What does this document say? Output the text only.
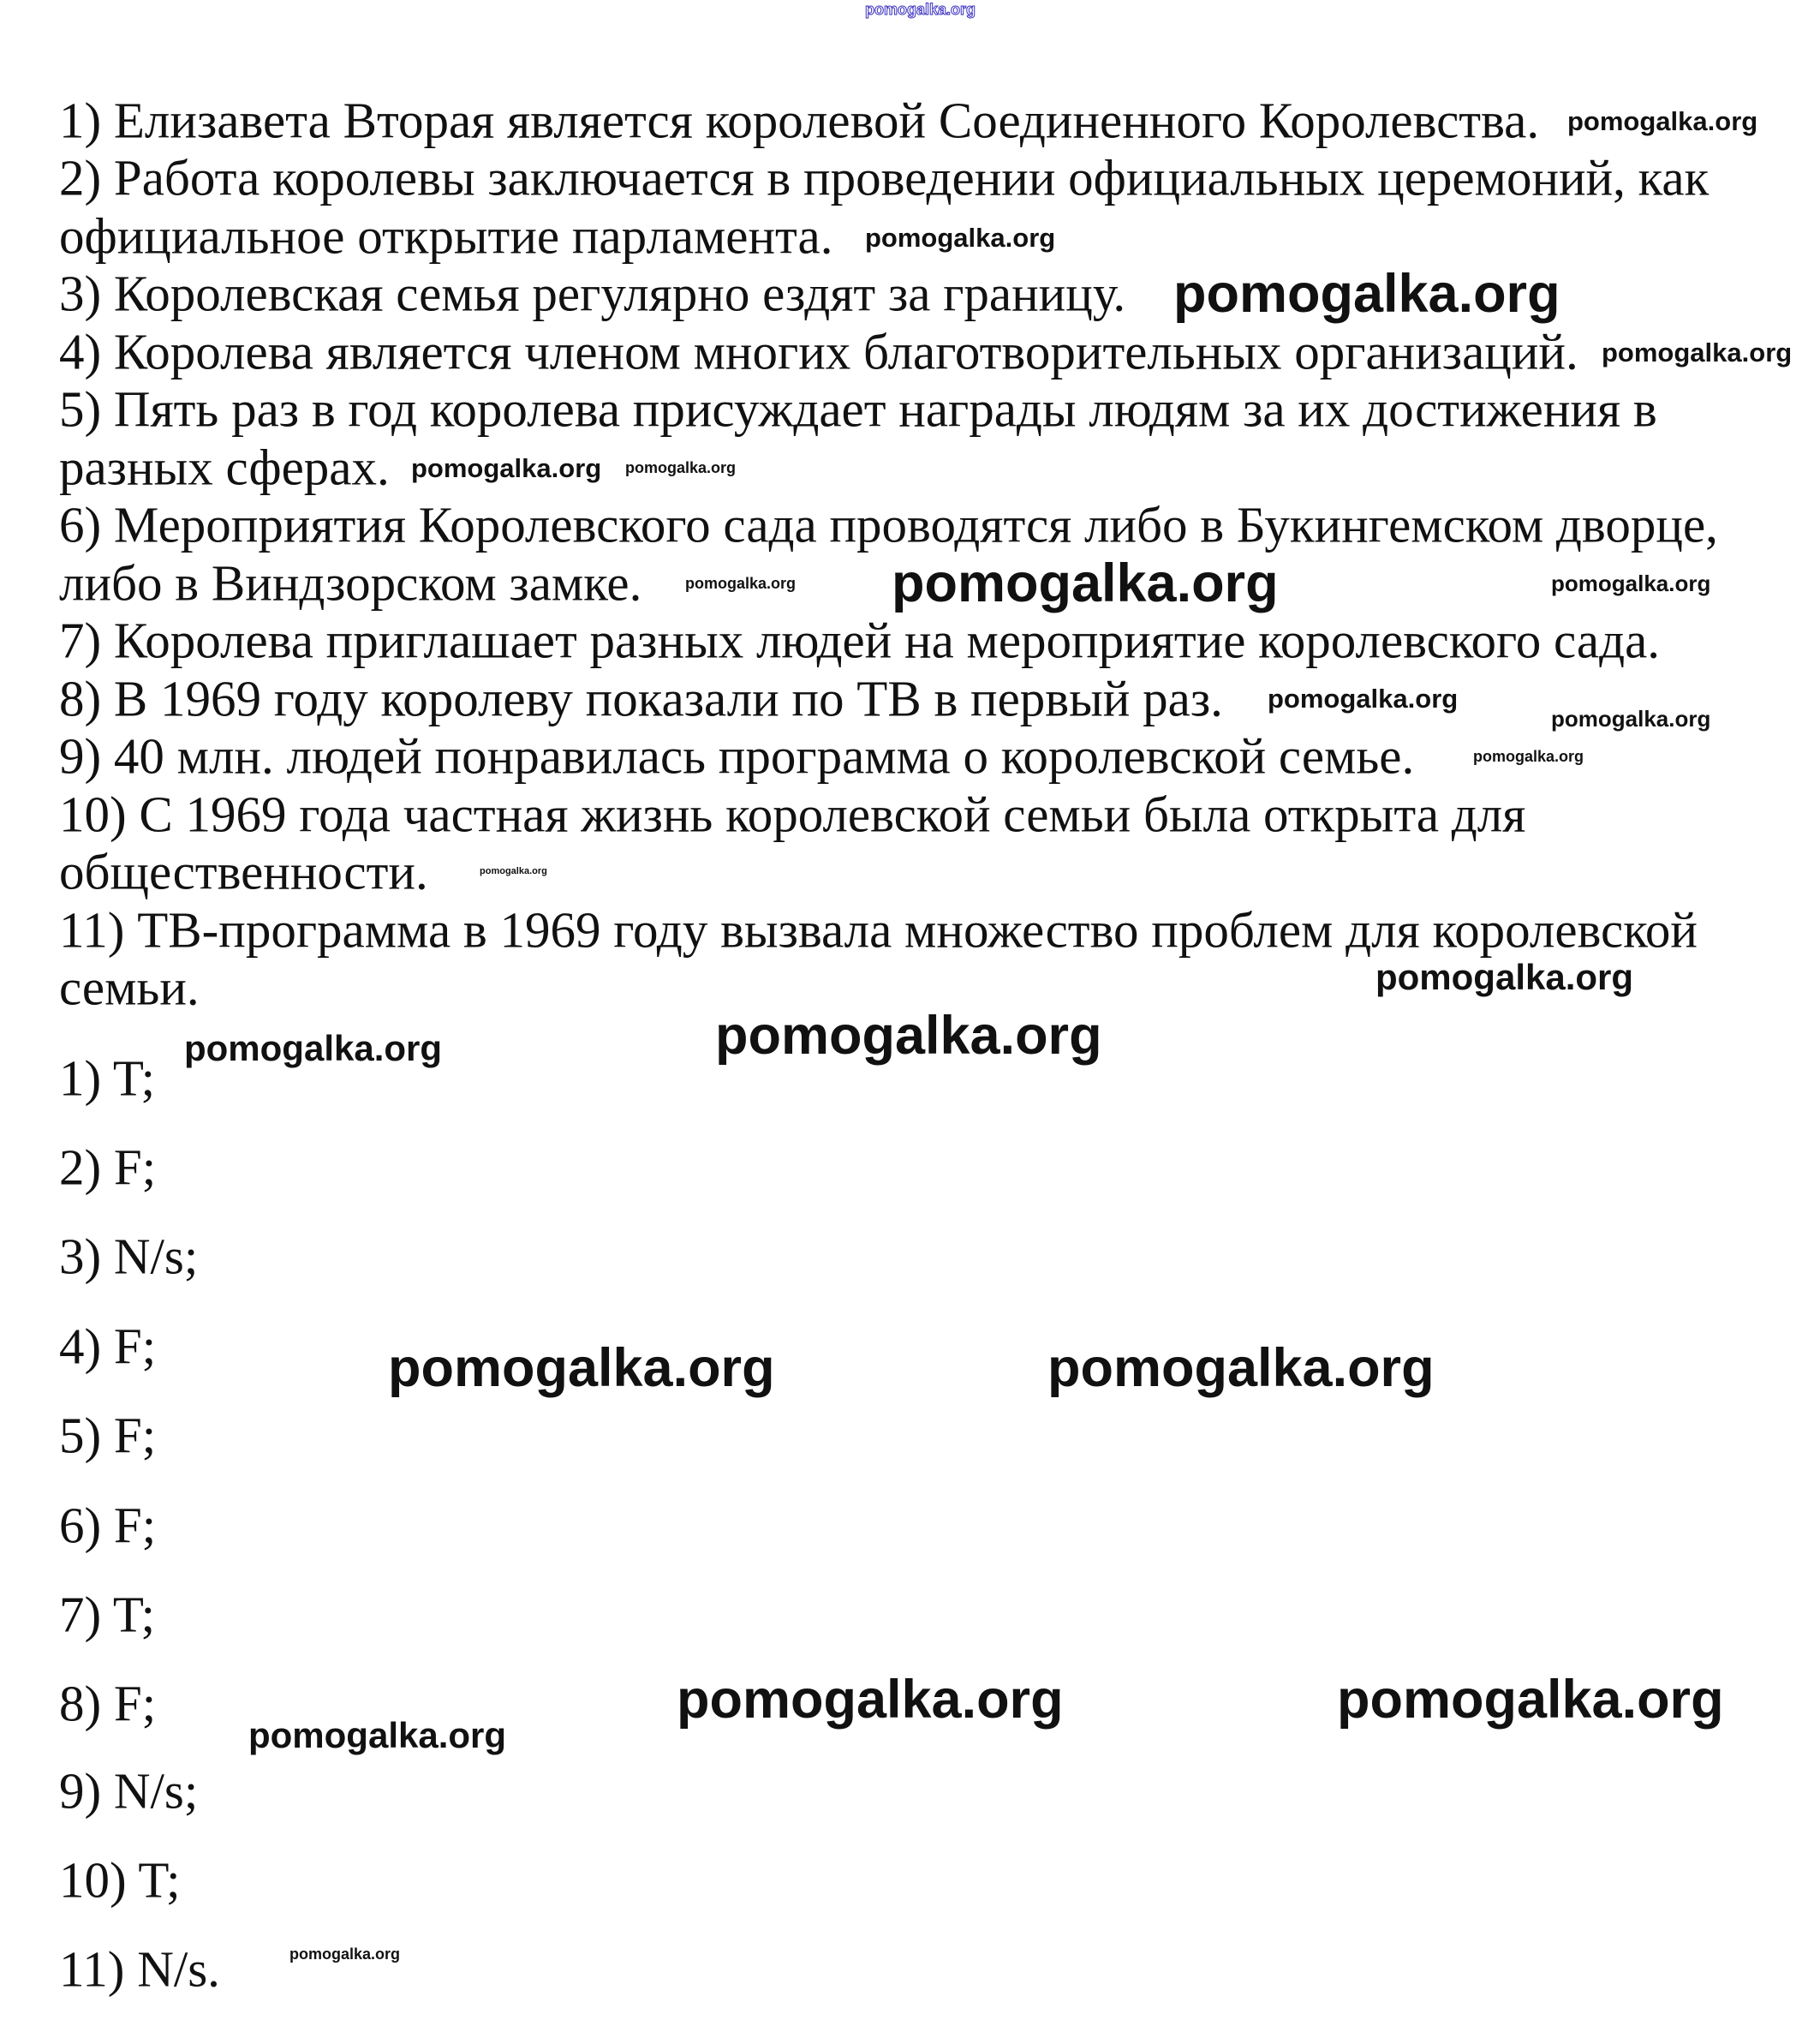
1) Елизавета Вторая является королевой Соединенного Королевства.
2) Работа королевы заключается в проведении официальных церемоний, как
официальное открытие парламента.
3) Королевская семья регулярно ездят за границу.
4) Королева является членом многих благотворительных организаций.
5) Пять раз в год королева присуждает награды людям за их достижения в
разных сферах.
6) Мероприятия Королевского сада проводятся либо в Букингемском дворце,
либо в Виндзорском замке.
7) Королева приглашает разных людей на мероприятие королевского сада.
8) В 1969 году королеву показали по ТВ в первый раз.
9) 40 млн. людей понравилась программа о королевской семье.
10) С 1969 года частная жизнь королевской семьи была открыта для
общественности.
11) ТВ-программа в 1969 году вызвала множество проблем для королевской
семьи.
1) T;
2) F;
3) N/s;
4) F;
5) F;
6) F;
7) T;
8) F;
9) N/s;
10) T;
11) N/s.
pomogalka.org
pomogalka.org
pomogalka.org
pomogalka.org
pomogalka.org
pomogalka.org
pomogalka.org
pomogalka.org
pomogalka.org
pomogalka.org
pomogalka.org
pomogalka.org
pomogalka.org
pomogalka.org
pomogalka.org
pomogalka.org
pomogalka.org
pomogalka.org	pomogalka.org
pomogalka.org	pomogalka.org
pomogalka.org
pomogalka.org
